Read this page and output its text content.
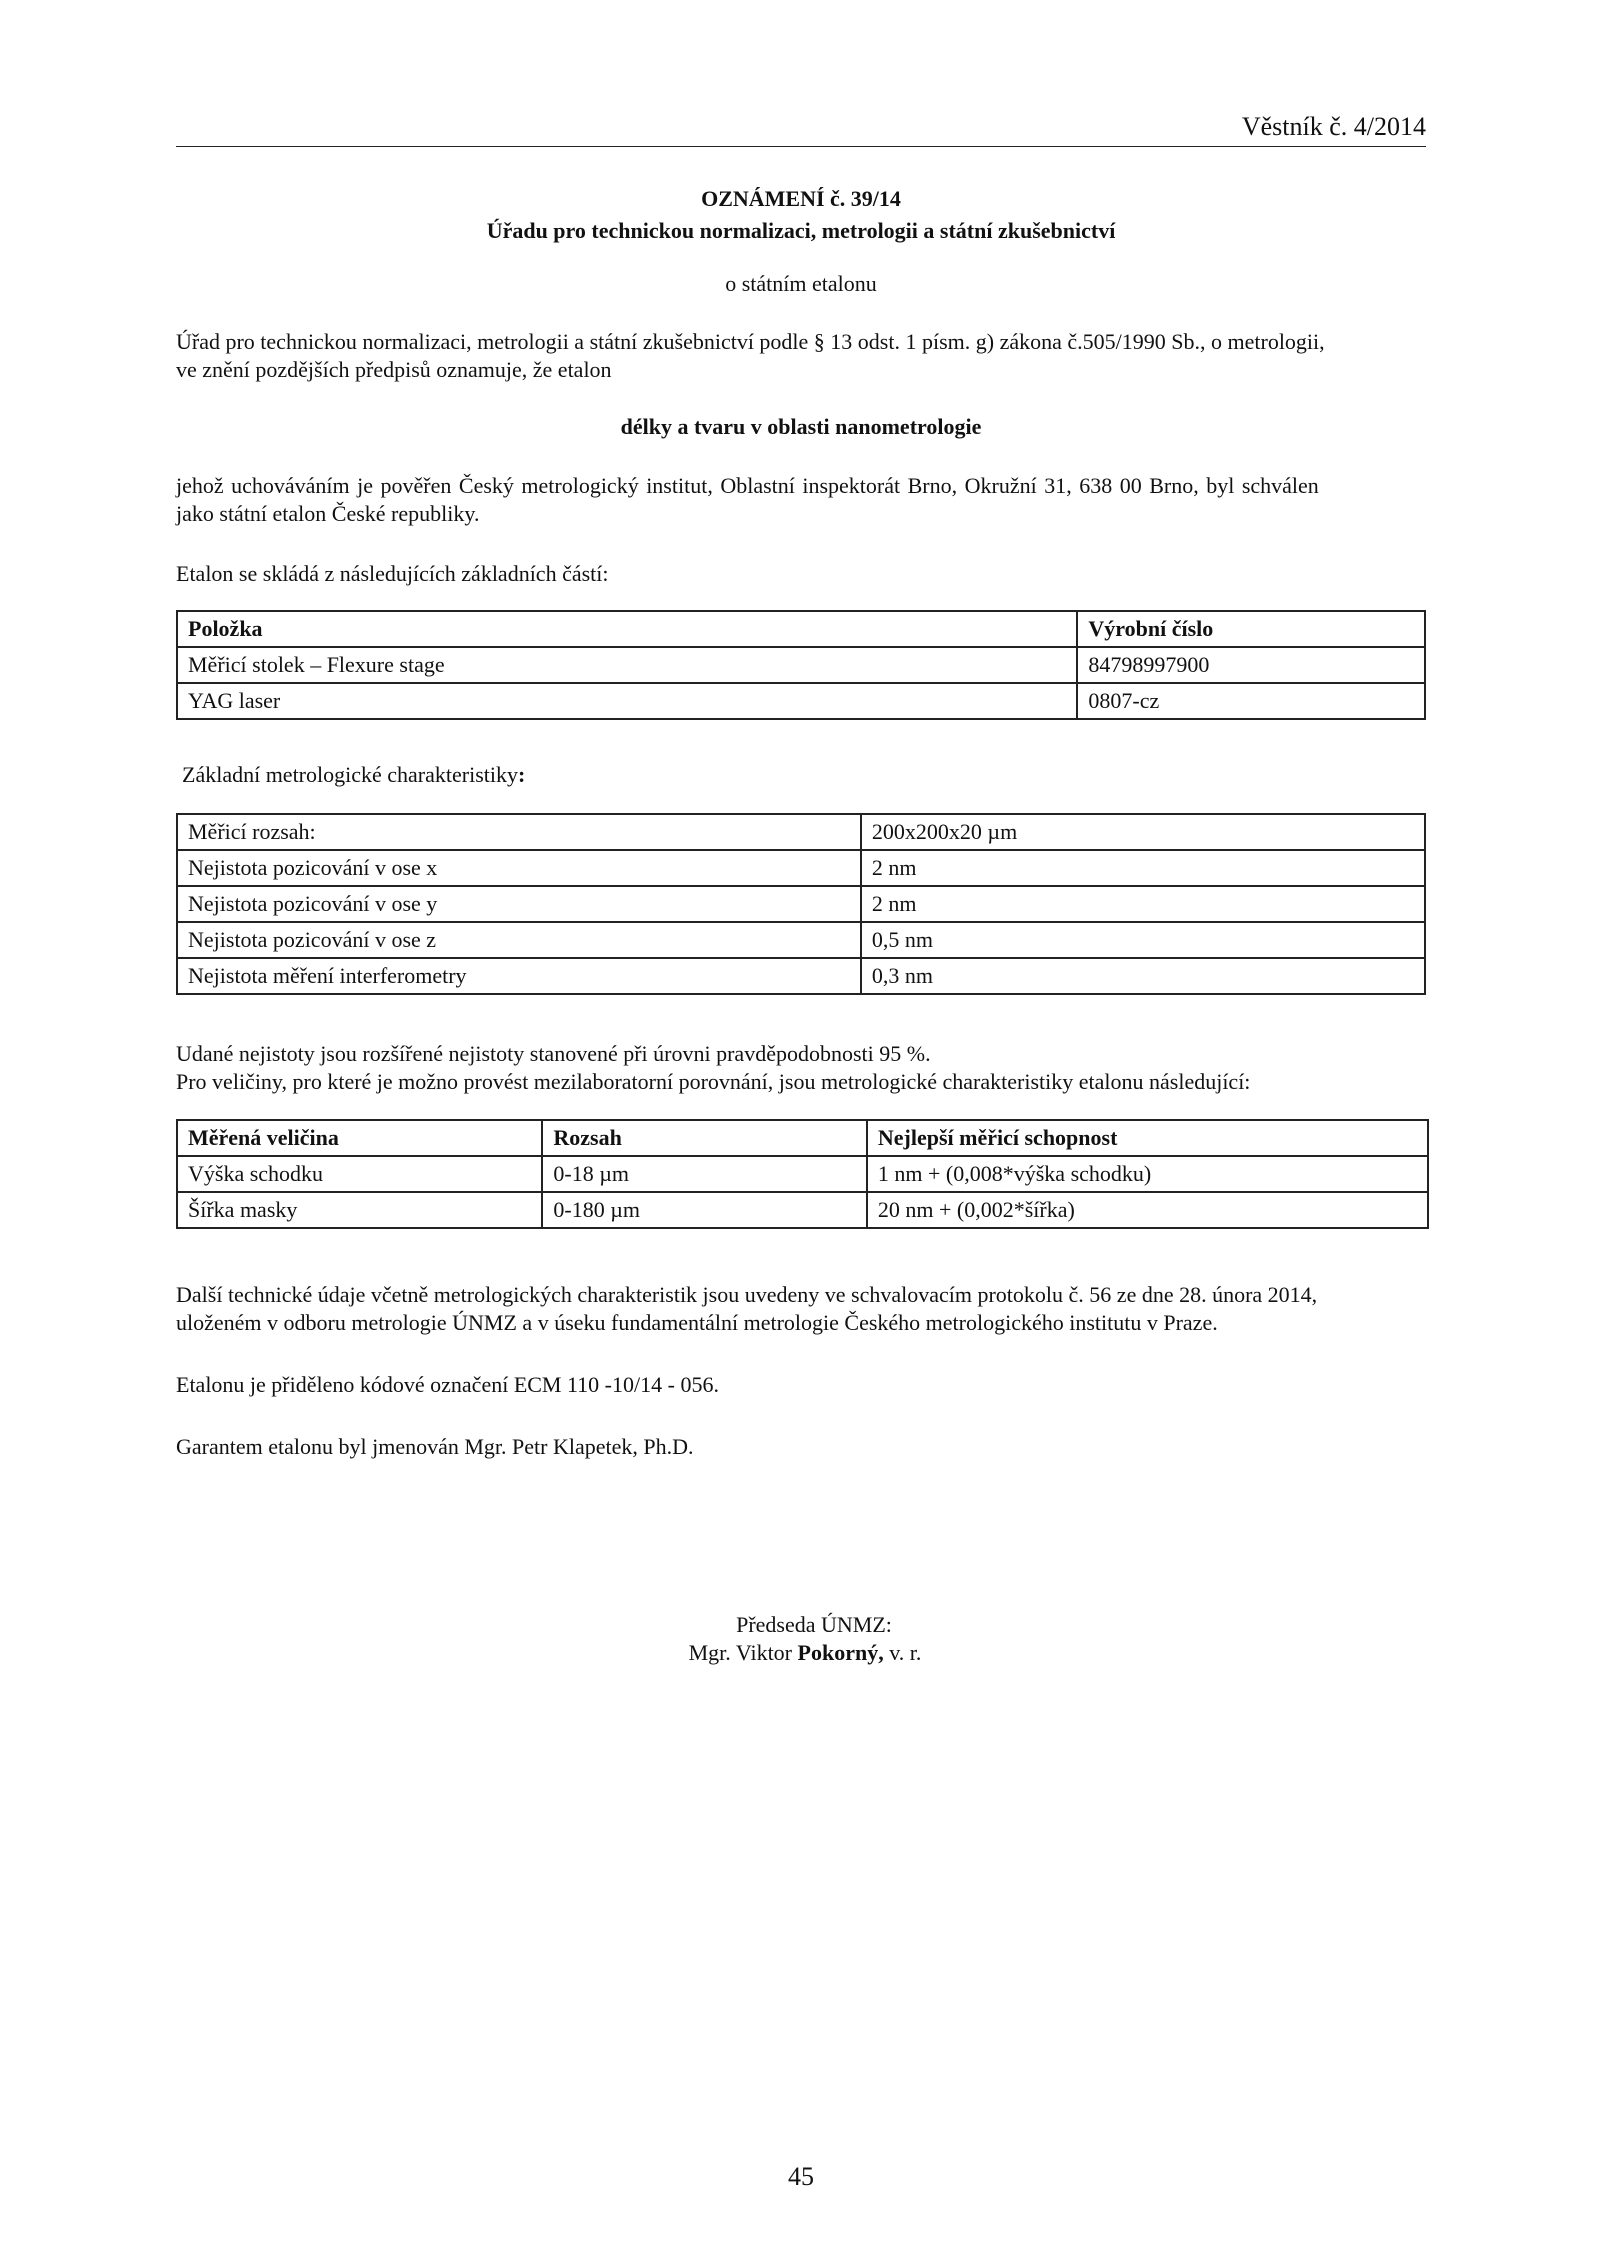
Věstník č. 4/2014
OZNÁMENÍ č. 39/14
Úřadu pro technickou normalizaci, metrologii a státní zkušebnictví
o státním etalonu
Úřad pro technickou normalizaci, metrologii a státní zkušebnictví podle § 13 odst. 1 písm. g) zákona č.505/1990 Sb., o metrologii,
ve znění pozdějších předpisů oznamuje, že etalon
délky a tvaru v oblasti nanometrologie
jehož uchováváním je pověřen Český metrologický institut, Oblastní inspektorát Brno, Okružní 31, 638 00 Brno, byl schválen
jako státní etalon České republiky.
Etalon se skládá z následujících základních částí:
Položka	Výrobní číslo
Měřicí stolek – Flexure stage	84798997900
YAG laser	0807-cz
Základní metrologické charakteristiky:
Měřicí rozsah:	200x200x20 µm
Nejistota pozicování v ose x	2 nm
Nejistota pozicování v ose y	2 nm
Nejistota pozicování v ose z	0,5 nm
Nejistota měření interferometry	0,3 nm
Udané nejistoty jsou rozšířené nejistoty stanovené při úrovni pravděpodobnosti 95 %.
Pro veličiny, pro které je možno provést mezilaboratorní porovnání, jsou metrologické charakteristiky etalonu následující:
Měřená veličina	Rozsah	Nejlepší měřicí schopnost
Výška schodku	0-18 µm	1 nm + (0,008*výška schodku)
Šířka masky	0-180 µm	20 nm + (0,002*šířka)
Další technické údaje včetně metrologických charakteristik jsou uvedeny ve schvalovacím protokolu č. 56 ze dne 28. února 2014,
uloženém v odboru metrologie ÚNMZ a v úseku fundamentální metrologie Českého metrologického institutu v Praze.
Etalonu je přiděleno kódové označení ECM 110 -10/14 - 056.
Garantem etalonu byl jmenován Mgr. Petr Klapetek, Ph.D.
Předseda ÚNMZ:
Mgr. Viktor Pokorný, v. r.
45
